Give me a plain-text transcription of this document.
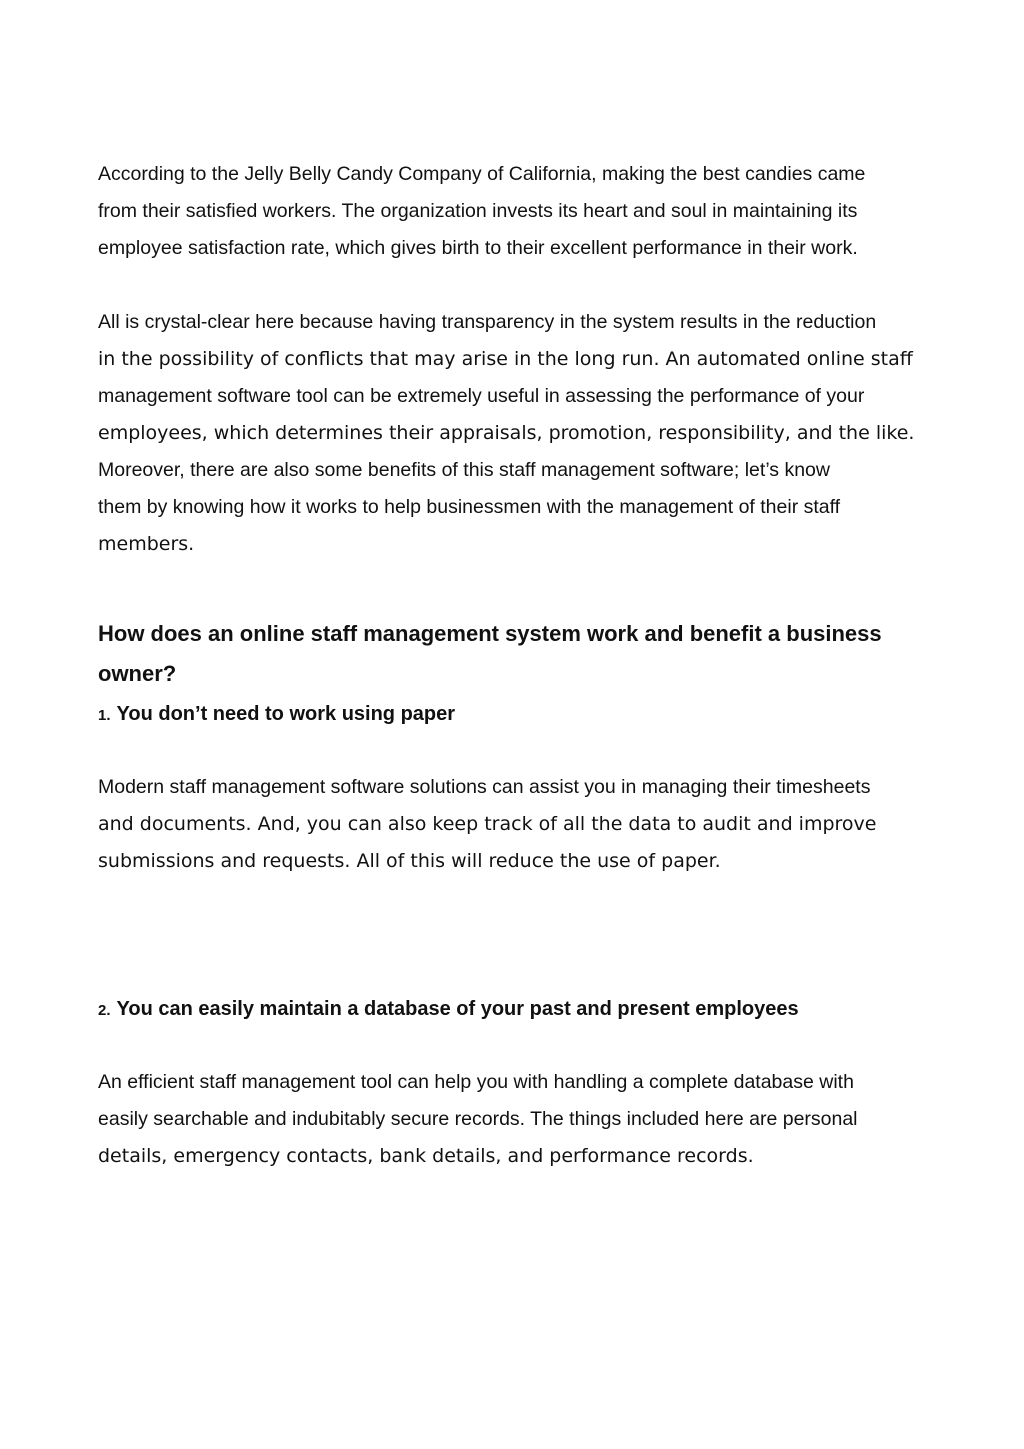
According to the Jelly Belly Candy Company of California, making the best candies came
from their satisfied workers. The organization invests its heart and soul in maintaining its
employee satisfaction rate, which gives birth to their excellent performance in their work.

All is crystal-clear here because having transparency in the system results in the reduction
in the possibility of conflicts that may arise in the long run. An automated online staff
management software tool can be extremely useful in assessing the performance of your
employees, which determines their appraisals, promotion, responsibility, and the like.
Moreover, there are also some benefits of this staff management software; let’s know
them by knowing how it works to help businessmen with the management of their staff
members.

How does an online staff management system work and benefit a business
owner?
1. You don’t need to work using paper

Modern staff management software solutions can assist you in managing their timesheets
and documents. And, you can also keep track of all the data to audit and improve
submissions and requests. All of this will reduce the use of paper.

2. You can easily maintain a database of your past and present employees

An efficient staff management tool can help you with handling a complete database with
easily searchable and indubitably secure records. The things included here are personal
details, emergency contacts, bank details, and performance records.
